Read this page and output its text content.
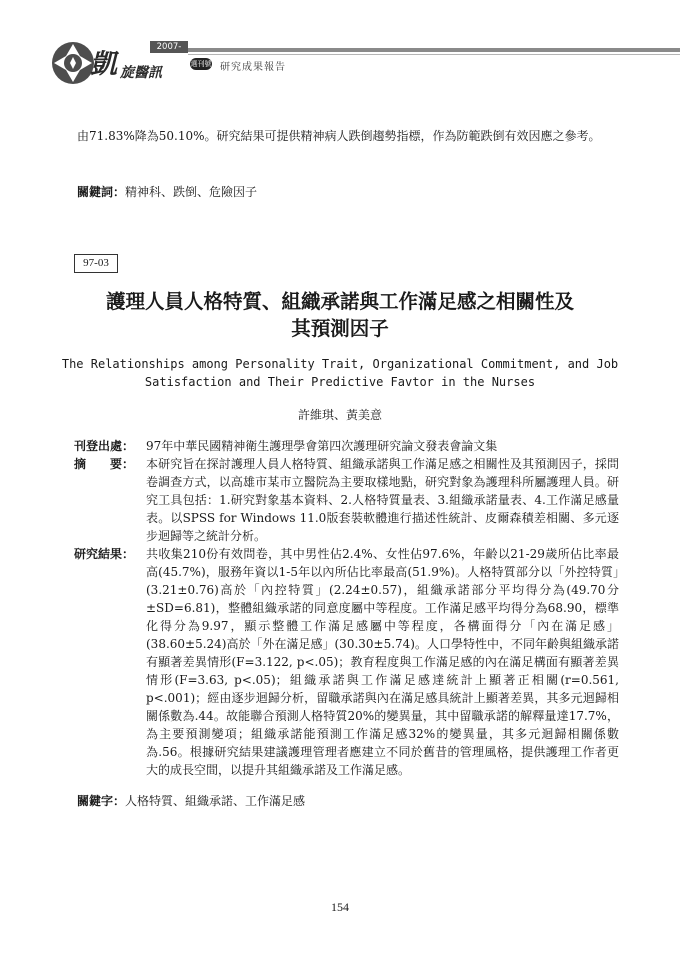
凱 旋醫訊
2007-2008	選刊號 研究成果報告
由71.83%降為50.10%。研究結果可提供精神病人跌倒趨勢指標，作為防範跌倒有效因應之參考。
關鍵詞：精神科、跌倒、危險因子
97-03
護理人員人格特質、組織承諾與工作滿足感之相關性及
其預測因子
The Relationships among Personality Trait, Organizational Commitment, and Job
Satisfaction and Their Predictive Favtor in the Nurses
許維琪、黃美意
刊登出處： 97年中華民國精神衛生護理學會第四次護理研究論文發表會論文集
摘　　要： 本研究旨在探討護理人員人格特質、組織承諾與工作滿足感之相關性及其預測因子，採問卷調查方式，以高雄市某市立醫院為主要取樣地點，研究對象為護理科所屬護理人員。研究工具包括：1.研究對象基本資料、2.人格特質量表、3.組織承諾量表、4.工作滿足感量表。以SPSS for Windows 11.0版套裝軟體進行描述性統計、皮爾森積差相關、多元逐步迴歸等之統計分析。
研究結果： 共收集210份有效問卷，其中男性佔2.4%、女性佔97.6%，年齡以21-29歲所佔比率最高(45.7%)，服務年資以1-5年以內所佔比率最高(51.9%)。人格特質部分以「外控特質」(3.21±0.76)高於「內控特質」(2.24±0.57)，組織承諾部分平均得分為(49.70分±SD=6.81)，整體組織承諾的同意度屬中等程度。工作滿足感平均得分為68.90，標準化得分為9.97，顯示整體工作滿足感屬中等程度，各構面得分「內在滿足感」(38.60±5.24)高於「外在滿足感」(30.30±5.74)。人口學特性中，不同年齡與組織承諾有顯著差異情形(F=3.122, p<.05)；教育程度與工作滿足感的內在滿足構面有顯著差異情形(F=3.63, p<.05)；組織承諾與工作滿足感達統計上顯著正相關(r=0.561, p<.001)；經由逐步迴歸分析，留職承諾與內在滿足感具統計上顯著差異，其多元迴歸相關係數為.44。故能聯合預測人格特質20%的變異量，其中留職承諾的解釋量達17.7%，為主要預測變項；組織承諾能預測工作滿足感32%的變異量，其多元迴歸相關係數為.56。根據研究結果建議護理管理者應建立不同於舊昔的管理風格，提供護理工作者更大的成長空間，以提升其組織承諾及工作滿足感。
關鍵字：人格特質、組織承諾、工作滿足感
154
